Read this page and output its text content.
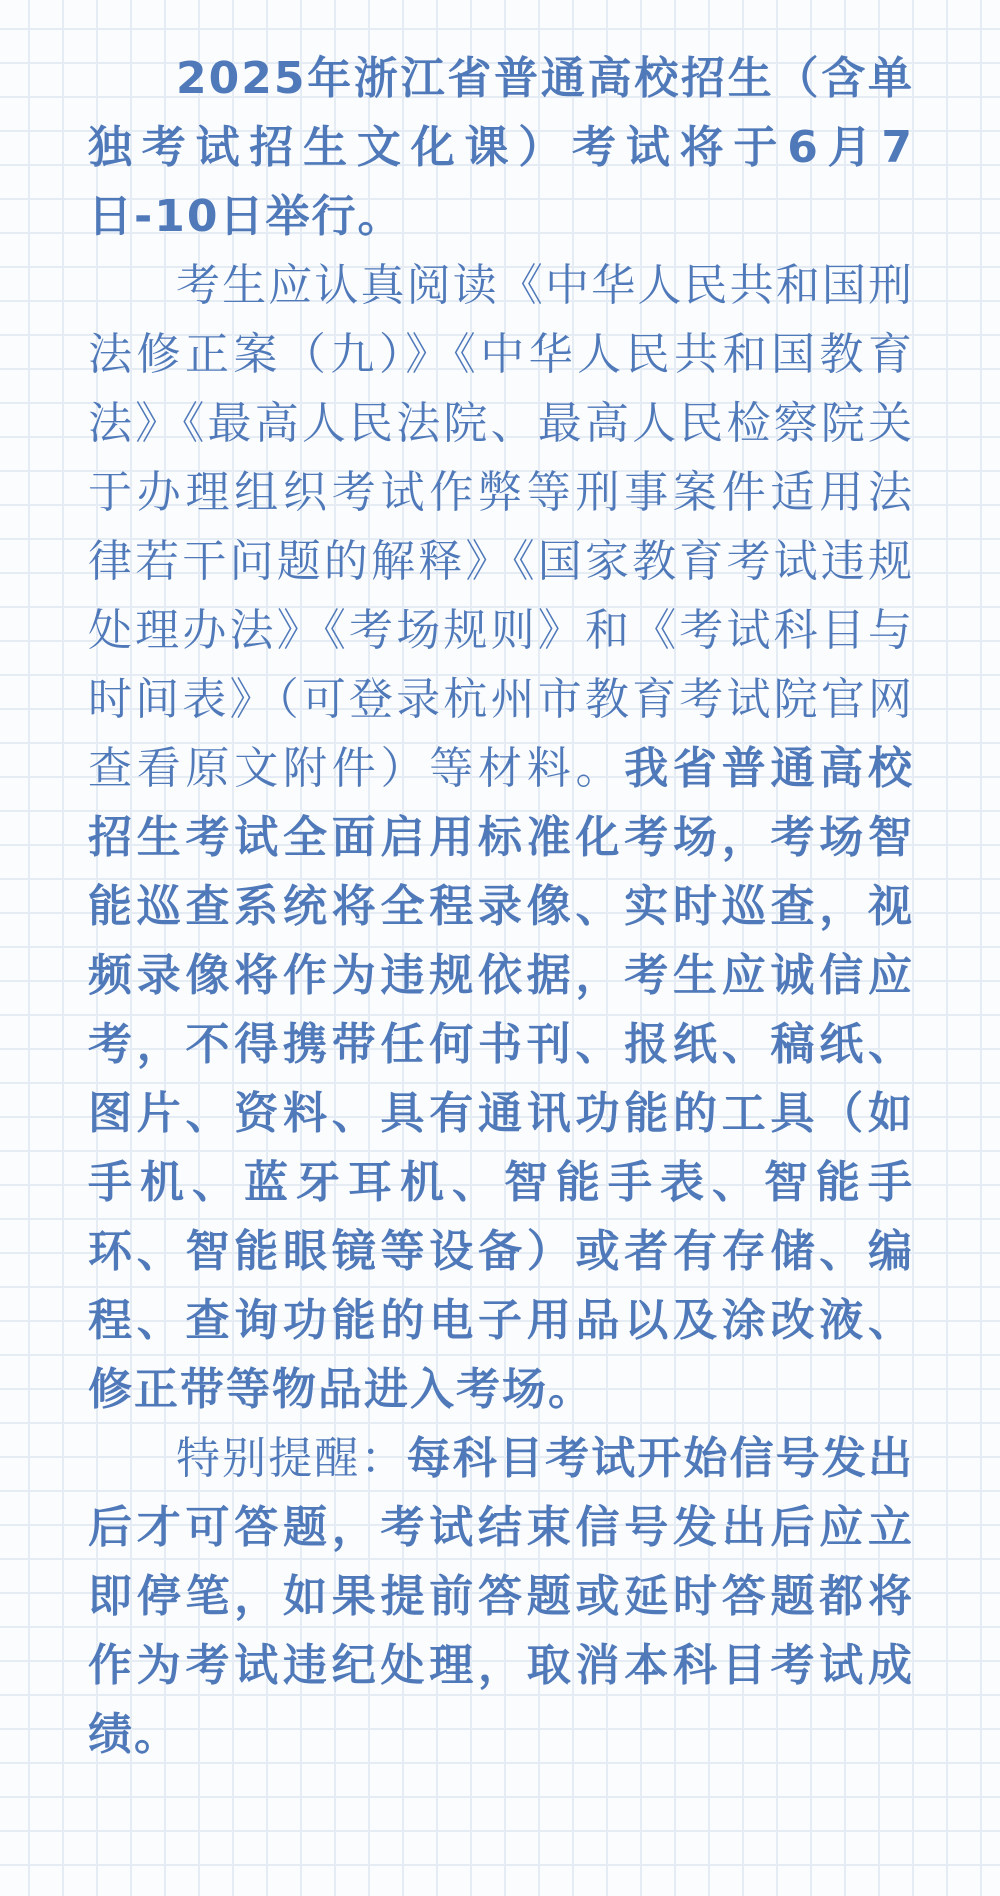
2025年浙江省普通高校招生（含单独考试招生文化课）考试将于6月7日-10日举行。

考生应认真阅读《中华人民共和国刑法修正案（九）》《中华人民共和国教育法》《最高人民法院、最高人民检察院关于办理组织考试作弊等刑事案件适用法律若干问题的解释》《国家教育考试违规处理办法》《考场规则》和《考试科目与时间表》（可登录杭州市教育考试院官网查看原文附件）等材料。我省普通高校招生考试全面启用标准化考场，考场智能巡查系统将全程录像、实时巡查，视频录像将作为违规依据，考生应诚信应考，不得携带任何书刊、报纸、稿纸、图片、资料、具有通讯功能的工具（如手机、蓝牙耳机、智能手表、智能手环、智能眼镜等设备）或者有存储、编程、查询功能的电子用品以及涂改液、修正带等物品进入考场。

特别提醒：每科目考试开始信号发出后才可答题，考试结束信号发出后应立即停笔，如果提前答题或延时答题都将作为考试违纪处理，取消本科目考试成绩。
